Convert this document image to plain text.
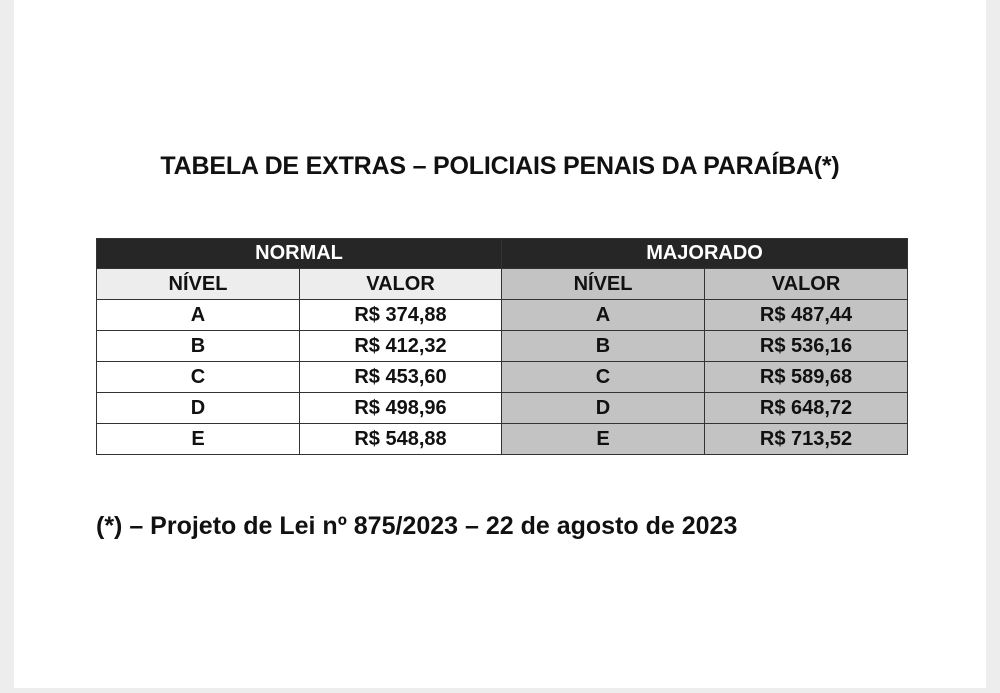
TABELA DE EXTRAS – POLICIAIS PENAIS DA PARAÍBA(*)
NORMAL		MAJORADO	
NÍVEL	VALOR	NÍVEL	VALOR
A	R$ 374,88	A	R$ 487,44
B	R$ 412,32	B	R$ 536,16
C	R$ 453,60	C	R$ 589,68
D	R$ 498,96	D	R$ 648,72
E	R$ 548,88	E	R$ 713,52
(*) – Projeto de Lei nº 875/2023 – 22 de agosto de 2023
